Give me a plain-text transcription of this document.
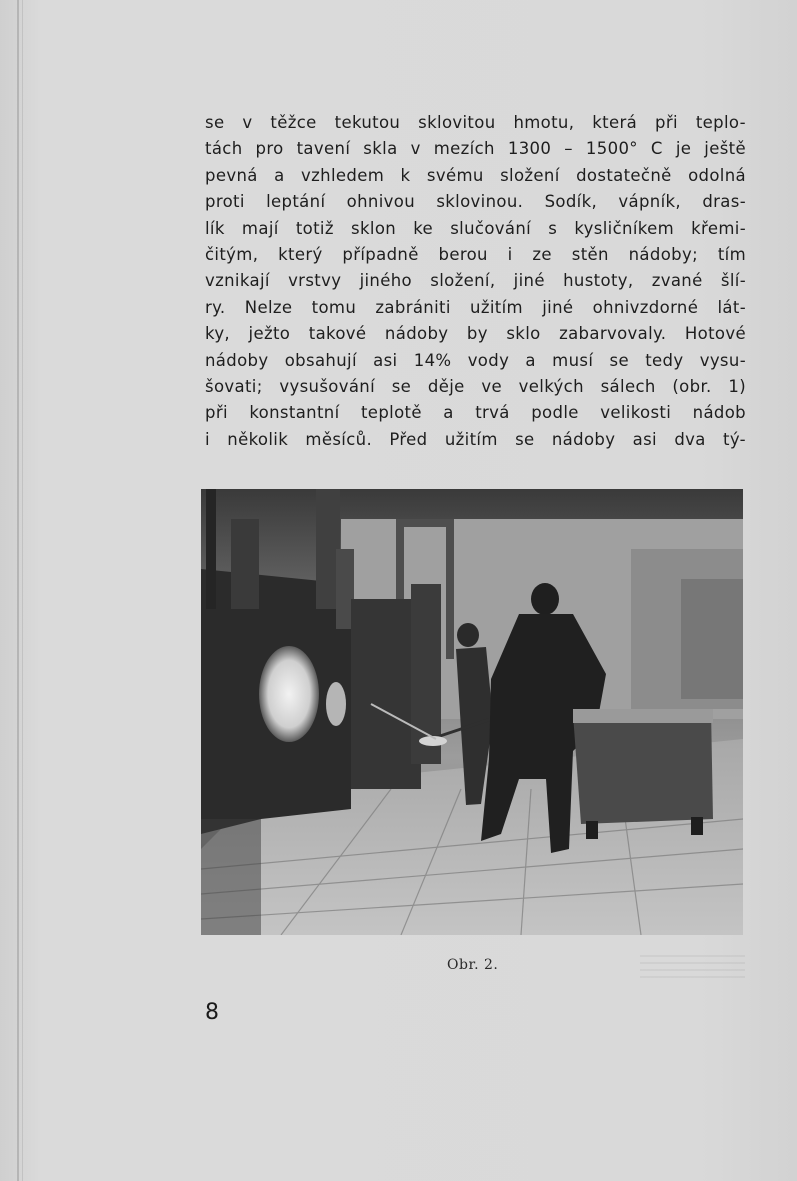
se v těžce tekutou sklovitou hmotu, která při teplo-
tách pro tavení skla v mezích 1300 – 1500° C je ještě
pevná a vzhledem k svému složení dostatečně odolná
proti leptání ohnivou sklovinou. Sodík, vápník, dras-
lík mají totiž sklon ke slučování s kysličníkem křemi-
čitým, který případně berou i ze stěn nádoby; tím
vznikají vrstvy jiného složení, jiné hustoty, zvané šlí-
ry. Nelze tomu zabrániti užitím jiné ohnivzdorné lát-
ky, ježto takové nádoby by sklo zabarvovaly. Hotové
nádoby obsahují asi 14% vody a musí se tedy vysu-
šovati; vysušování se děje ve velkých sálech (obr. 1)
při konstantní teplotě a trvá podle velikosti nádob
i několik měsíců. Před užitím se nádoby asi dva tý-
Obr. 2.
8
